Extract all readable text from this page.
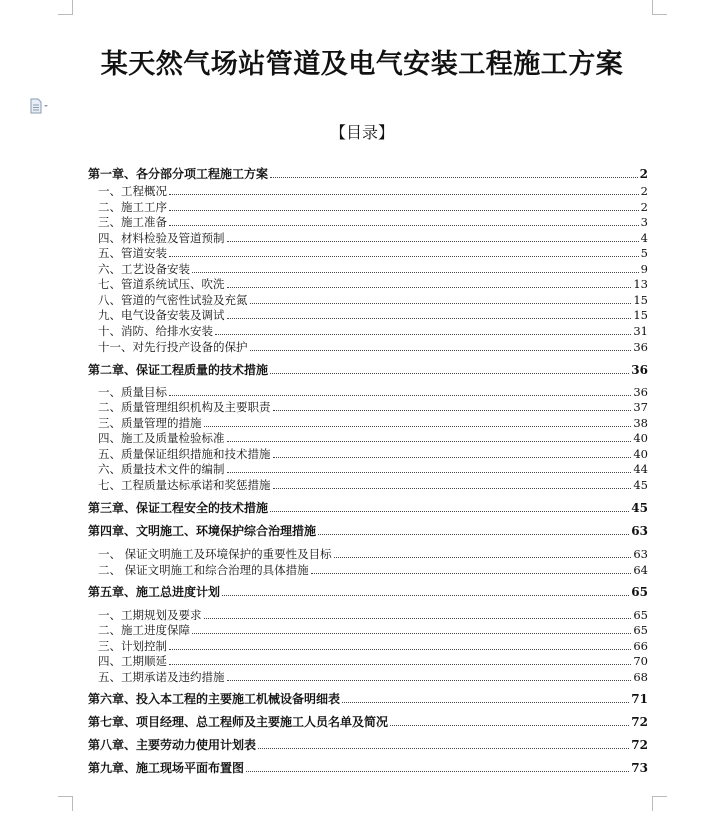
某天然气场站管道及电气安装工程施工方案
【目录】
第一章、各分部分项工程施工方案	2
一、工程概况	2
二、施工工序	2
三、施工准备	3
四、材料检验及管道预制	4
五、管道安装	5
六、工艺设备安装	9
七、管道系统试压、吹洗	13
八、管道的气密性试验及充氮	15
九、电气设备安装及调试	15
十、消防、给排水安装	31
十一、对先行投产设备的保护	36
第二章、保证工程质量的技术措施	36
一、质量目标	36
二、质量管理组织机构及主要职责	37
三、质量管理的措施	38
四、施工及质量检验标准	40
五、质量保证组织措施和技术措施	40
六、质量技术文件的编制	44
七、工程质量达标承诺和奖惩措施	45
第三章、保证工程安全的技术措施	45
第四章、文明施工、环境保护综合治理措施	63
一、 保证文明施工及环境保护的重要性及目标	63
二、 保证文明施工和综合治理的具体措施	64
第五章、施工总进度计划	65
一、工期规划及要求	65
二、施工进度保障	65
三、计划控制	66
四、工期顺延	70
五、工期承诺及违约措施	68
第六章、投入本工程的主要施工机械设备明细表	71
第七章、项目经理、总工程师及主要施工人员名单及简况	72
第八章、主要劳动力使用计划表	72
第九章、施工现场平面布置图	73
